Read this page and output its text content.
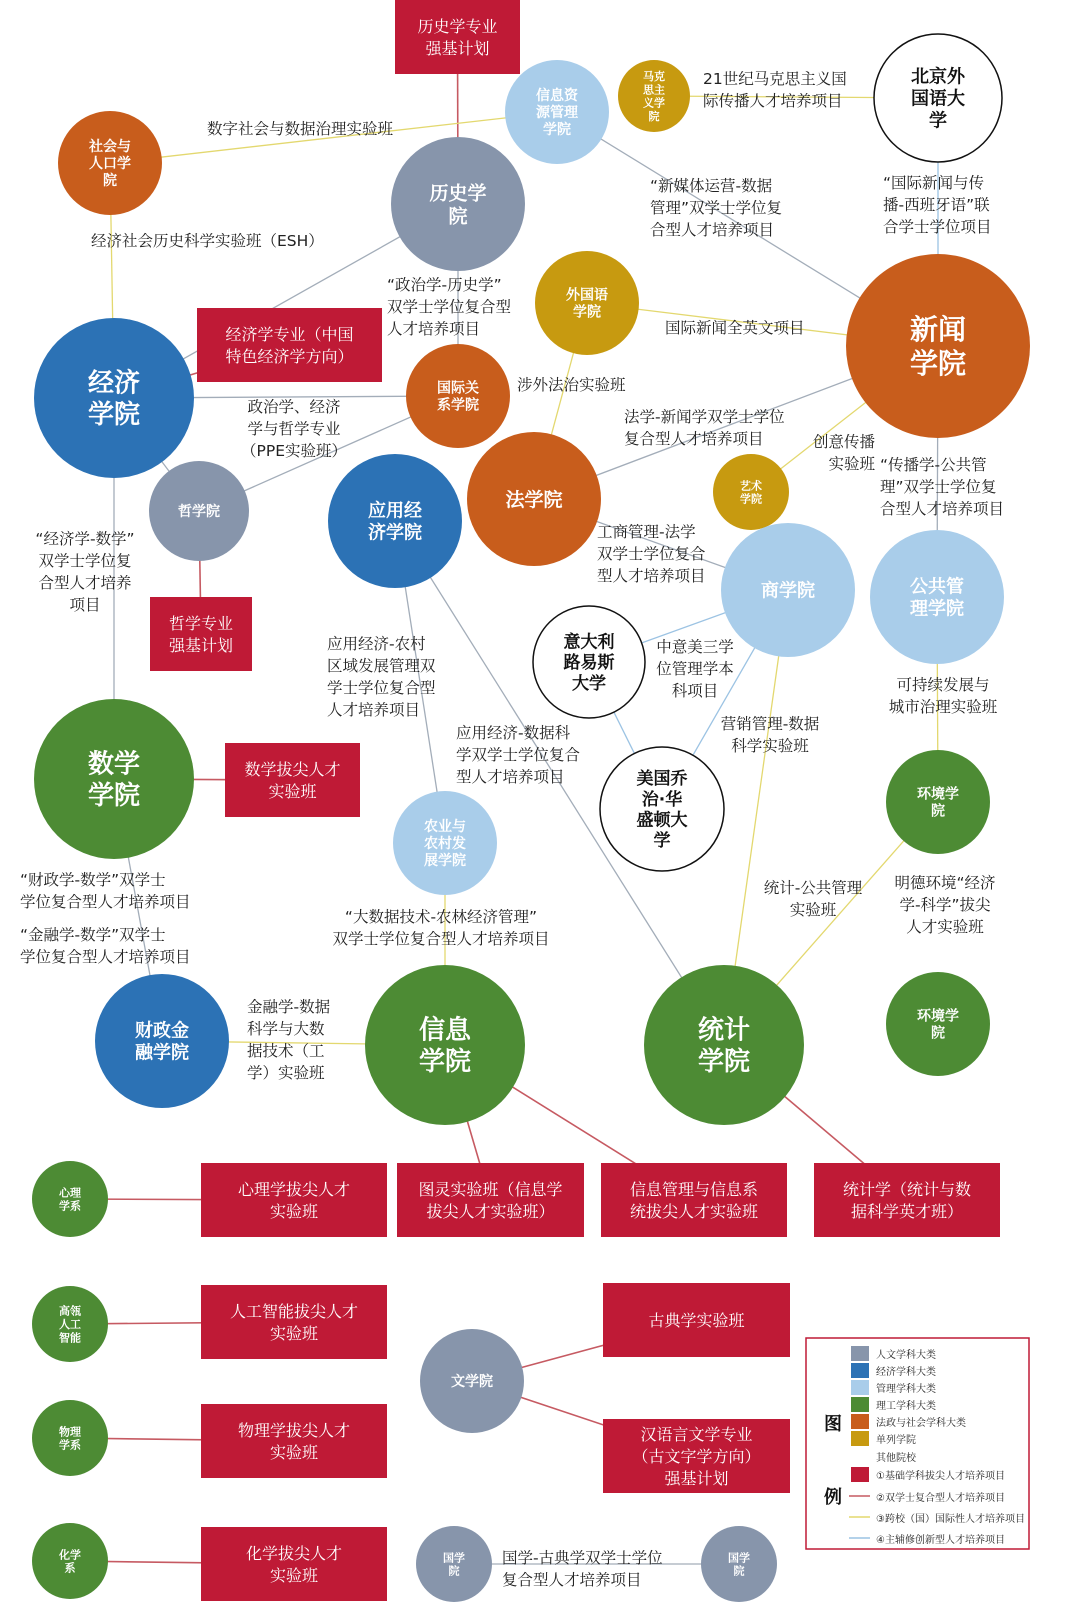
历史学专业
强基计划
经济学专业（中国
特色经济学方向）
哲学专业
强基计划
数学拔尖人才
实验班
心理学拔尖人才
实验班
图灵实验班（信息学
拔尖人才实验班）
信息管理与信息系
统拔尖人才实验班
统计学（统计与数
据科学英才班）
人工智能拔尖人才
实验班
物理学拔尖人才
实验班
化学拔尖人才
实验班
古典学实验班
汉语言文学专业
（古文字学方向）
强基计划
历史学
院
信息资
源管理
学院
马克
思主
义学
院
社会与
人口学
院
北京外
国语大
学
外国语
学院
新闻
学院
经济
学院
国际关
系学院
哲学院	应用经
济学院
法学院
艺术
学院
商学院	公共管
理学院
意大利
路易斯
大学
美国乔
治·华
盛顿大
学
数学
学院
农业与
农村发
展学院
环境学
院
环境学
院
财政金
融学院
信息
学院
统计
学院
心理
学系
高瓴
人工
智能
物理
学系
化学
系
文学院
国学
院
国学
院
数字社会与数据治理实验班
经济社会历史科学实验班（ESH）
21世纪马克思主义国
际传播人才培养项目
“新媒体运营-数据
管理”双学士学位复
合型人才培养项目
“国际新闻与传
播-西班牙语”联
合学士学位项目
“政治学-历史学”
双学士学位复合型
人才培养项目	国际新闻全英文项目
涉外法治实验班
政治学、经济
学与哲学专业
（PPE实验班）
法学-新闻学双学士学位
复合型人才培养项目	创意传播
实验班 “传播学-公共管
理”双学士学位复
合型人才培养项目
“经济学-数学”
双学士学位复
合型人才培养
项目
工商管理-法学
双学士学位复合
型人才培养项目
应用经济-农村
区域发展管理双
学士学位复合型
人才培养项目
中意美三学
位管理学本
科项目	可持续发展与
城市治理实验班
营销管理-数据
科学实验班
应用经济-数据科
学双学士学位复合
型人才培养项目
“财政学-数学”双学士
学位复合型人才培养项目
统计-公共管理
实验班
明德环境“经济
学-科学”拔尖
人才实验班
“大数据技术-农林经济管理”
双学士学位复合型人才培养项目
“金融学-数学”双学士
学位复合型人才培养项目
金融学-数据
科学与大数
据技术（工
学）实验班
国学-古典学双学士学位
复合型人才培养项目
图
例
人文学科大类
经济学科大类
管理学科大类
理工学科大类
法政与社会学科大类
单列学院
其他院校
①基础学科拔尖人才培养项目
②双学士复合型人才培养项目
③跨校（国）国际性人才培养项目
④主辅修创新型人才培养项目
